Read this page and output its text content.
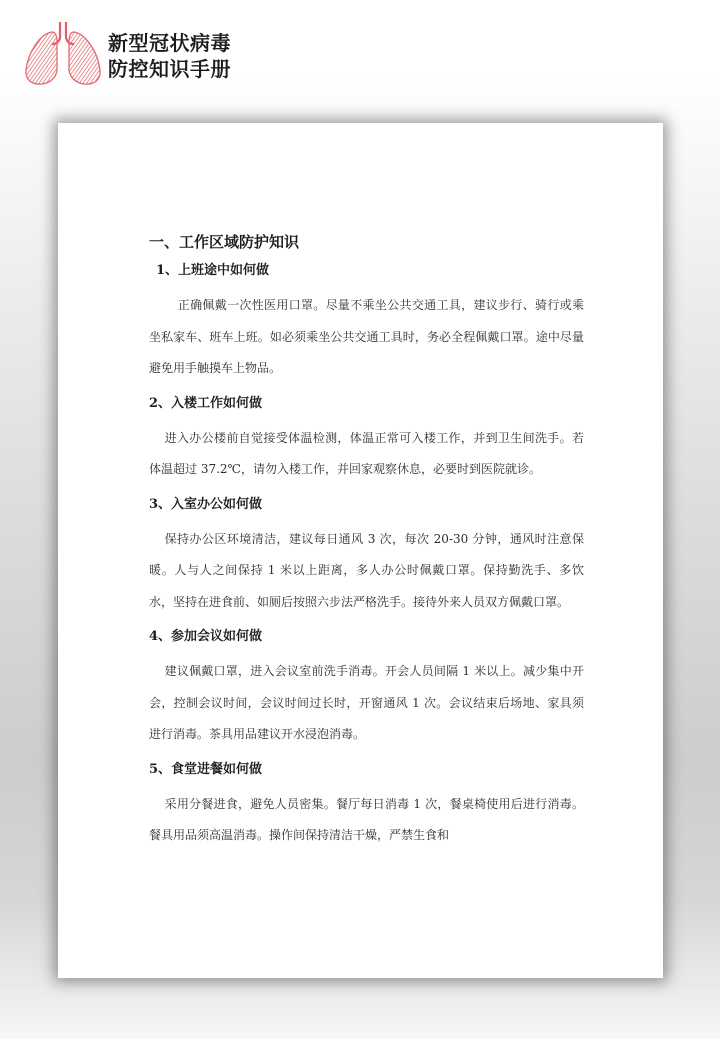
新型冠状病毒
防控知识手册
一、工作区域防护知识
1、上班途中如何做

正确佩戴一次性医用口罩。尽量不乘坐公共交通工具，建议步行、骑行或乘坐私家车、班车上班。如必须乘坐公共交通工具时，务必全程佩戴口罩。途中尽量避免用手触摸车上物品。

2、入楼工作如何做

进入办公楼前自觉接受体温检测，体温正常可入楼工作，并到卫生间洗手。若体温超过 37.2℃，请勿入楼工作，并回家观察休息，必要时到医院就诊。

3、入室办公如何做

保持办公区环境清洁，建议每日通风 3 次，每次 20-30 分钟，通风时注意保暖。人与人之间保持 1 米以上距离，多人办公时佩戴口罩。保持勤洗手、多饮水，坚持在进食前、如厕后按照六步法严格洗手。接待外来人员双方佩戴口罩。

4、参加会议如何做

建议佩戴口罩，进入会议室前洗手消毒。开会人员间隔 1 米以上。减少集中开会，控制会议时间，会议时间过长时，开窗通风 1 次。会议结束后场地、家具须进行消毒。茶具用品建议开水浸泡消毒。

5、食堂进餐如何做

采用分餐进食，避免人员密集。餐厅每日消毒 1 次，餐桌椅使用后进行消毒。餐具用品须高温消毒。操作间保持清洁干燥，严禁生食和
